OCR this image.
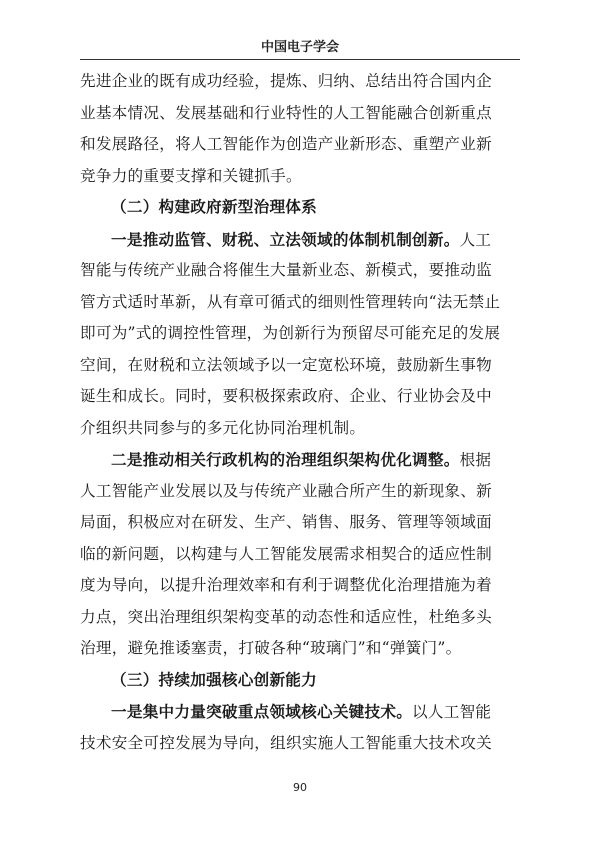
中国电子学会
先进企业的既有成功经验，提炼、归纳、总结出符合国内企
业基本情况、发展基础和行业特性的人工智能融合创新重点
和发展路径，将人工智能作为创造产业新形态、重塑产业新
竞争力的重要支撑和关键抓手。
（二）构建政府新型治理体系
一是推动监管、财税、立法领域的体制机制创新。人工
智能与传统产业融合将催生大量新业态、新模式，要推动监
管方式适时革新，从有章可循式的细则性管理转向“法无禁止
即可为”式的调控性管理，为创新行为预留尽可能充足的发展
空间，在财税和立法领域予以一定宽松环境，鼓励新生事物
诞生和成长。同时，要积极探索政府、企业、行业协会及中
介组织共同参与的多元化协同治理机制。
二是推动相关行政机构的治理组织架构优化调整。根据
人工智能产业发展以及与传统产业融合所产生的新现象、新
局面，积极应对在研发、生产、销售、服务、管理等领域面
临的新问题，以构建与人工智能发展需求相契合的适应性制
度为导向，以提升治理效率和有利于调整优化治理措施为着
力点，突出治理组织架构变革的动态性和适应性，杜绝多头
治理，避免推诿塞责，打破各种“玻璃门”和“弹簧门”。
（三）持续加强核心创新能力
一是集中力量突破重点领域核心关键技术。以人工智能
技术安全可控发展为导向，组织实施人工智能重大技术攻关
90
